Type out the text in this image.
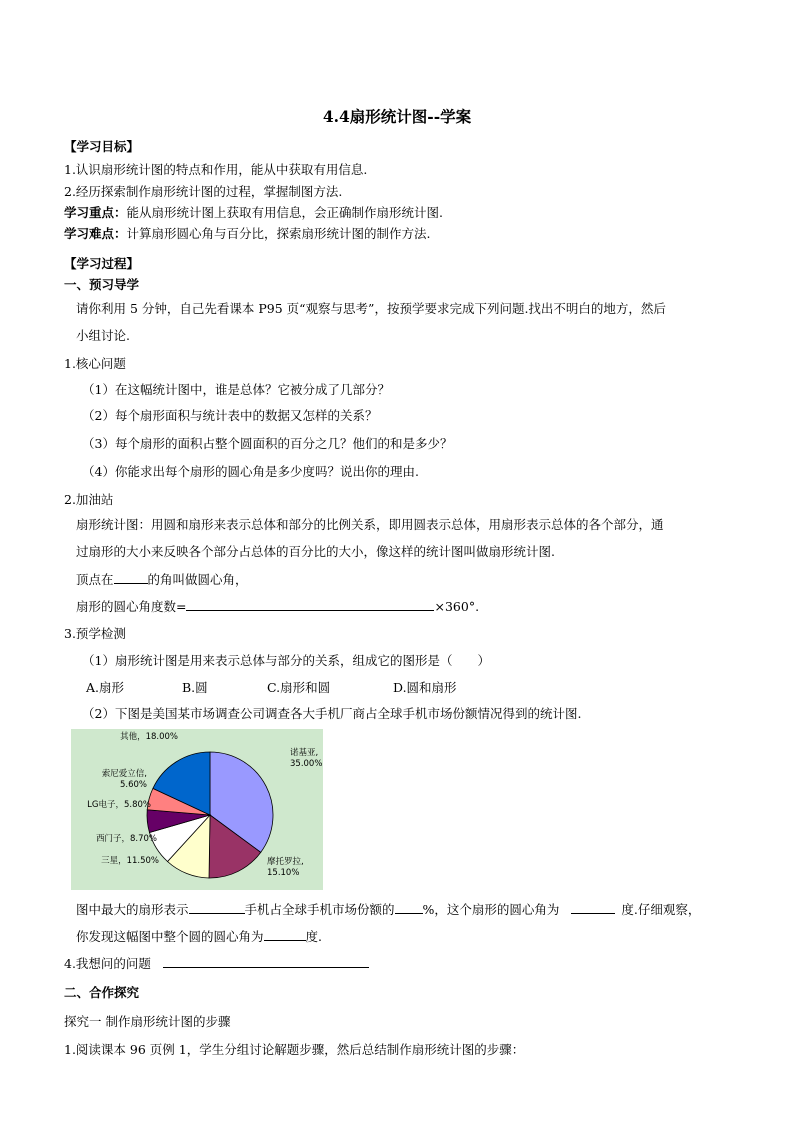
4.4扇形统计图--学案
【学习目标】
1.认识扇形统计图的特点和作用，能从中获取有用信息.
2.经历探索制作扇形统计图的过程，掌握制图方法.
学习重点：能从扇形统计图上获取有用信息，会正确制作扇形统计图.
学习难点：计算扇形圆心角与百分比，探索扇形统计图的制作方法.
【学习过程】
一、预习导学
请你利用 5 分钟，自己先看课本 P95 页“观察与思考”，按预学要求完成下列问题.找出不明白的地方，然后
小组讨论.
1.核心问题
（1）在这幅统计图中，谁是总体？它被分成了几部分？
（2）每个扇形面积与统计表中的数据又怎样的关系？
（3）每个扇形的面积占整个圆面积的百分之几？他们的和是多少？
（4）你能求出每个扇形的圆心角是多少度吗？说出你的理由.
2.加油站
扇形统计图：用圆和扇形来表示总体和部分的比例关系，即用圆表示总体，用扇形表示总体的各个部分，通
过扇形的大小来反映各个部分占总体的百分比的大小，像这样的统计图叫做扇形统计图.
顶点在	的角叫做圆心角，
扇形的圆心角度数=	×360°.
3.预学检测
（1）扇形统计图是用来表示总体与部分的关系，组成它的图形是（　　）
A.扇形	B.圆	C.扇形和圆	D.圆和扇形
（2）下图是美国某市场调查公司调查各大手机厂商占全球手机市场份额情况得到的统计图.
诺基亚, 35.00%
摩托罗拉, 15.10%
三星，11.50%
西门子，8.70%
LG电子，5.80%
索尼爱立信, 5.60%
其他，18.00%
图中最大的扇形表示	手机占全球手机市场份额的 %，这个扇形的圆心角为	度.仔细观察，
你发现这幅图中整个圆的圆心角为	度.
4.我想问的问题
二、合作探究
探究一 制作扇形统计图的步骤
1.阅读课本 96 页例 1，学生分组讨论解题步骤，然后总结制作扇形统计图的步骤：
